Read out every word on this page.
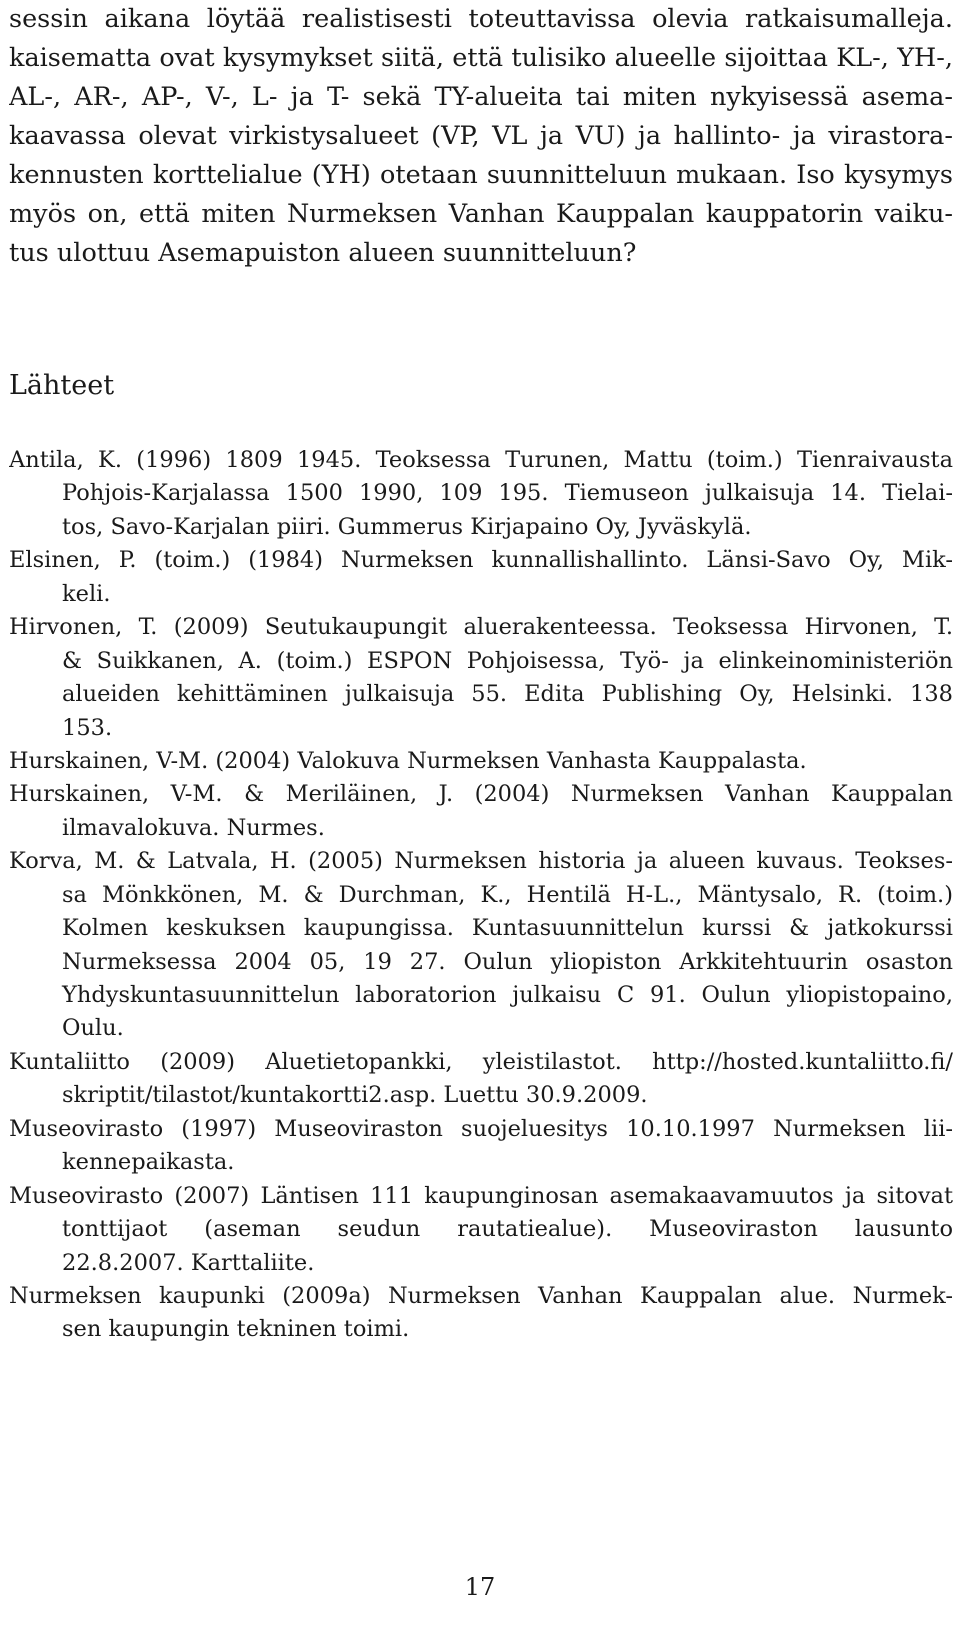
sessin aikana löytää realistisesti toteuttavissa olevia ratkaisumalleja.
kaisematta ovat kysymykset siitä, että tulisiko alueelle sijoittaa KL-, YH-,
AL-, AR-, AP-, V-, L- ja T- sekä TY-alueita tai miten nykyisessä asema-
kaavassa olevat virkistysalueet (VP, VL ja VU) ja hallinto- ja virastora-
kennusten korttelialue (YH) otetaan suunnitteluun mukaan. Iso kysymys
myös on, että miten Nurmeksen Vanhan Kauppalan kauppatorin vaiku-
tus ulottuu Asemapuiston alueen suunnitteluun?
Lähteet
Antila, K. (1996) 1809 1945. Teoksessa Turunen, Mattu (toim.) Tienraivausta
Pohjois-Karjalassa 1500 1990, 109 195. Tiemuseon julkaisuja 14. Tielai-
tos, Savo-Karjalan piiri. Gummerus Kirjapaino Oy, Jyväskylä.
Elsinen, P. (toim.) (1984) Nurmeksen kunnallishallinto. Länsi-Savo Oy, Mik-
keli.
Hirvonen, T. (2009) Seutukaupungit aluerakenteessa. Teoksessa Hirvonen, T.
& Suikkanen, A. (toim.) ESPON Pohjoisessa, Työ- ja elinkeinoministeriön
alueiden kehittäminen julkaisuja 55. Edita Publishing Oy, Helsinki. 138
153.
Hurskainen, V-M. (2004) Valokuva Nurmeksen Vanhasta Kauppalasta.
Hurskainen, V-M. & Meriläinen, J. (2004) Nurmeksen Vanhan Kauppalan
ilmavalokuva. Nurmes.
Korva, M. & Latvala, H. (2005) Nurmeksen historia ja alueen kuvaus. Teokses-
sa Mönkkönen, M. & Durchman, K., Hentilä H-L., Mäntysalo, R. (toim.)
Kolmen keskuksen kaupungissa. Kuntasuunnittelun kurssi & jatkokurssi
Nurmeksessa 2004 05, 19 27. Oulun yliopiston Arkkitehtuurin osaston
Yhdyskuntasuunnittelun laboratorion julkaisu C 91. Oulun yliopistopaino,
Oulu.
Kuntaliitto (2009) Aluetietopankki, yleistilastot. http://hosted.kuntaliitto.fi/
skriptit/tilastot/kuntakortti2.asp. Luettu 30.9.2009.
Museovirasto (1997) Museoviraston suojeluesitys 10.10.1997 Nurmeksen lii-
kennepaikasta.
Museovirasto (2007) Läntisen 111 kaupunginosan asemakaavamuutos ja sitovat
tonttijaot (aseman seudun rautatiealue). Museoviraston lausunto
22.8.2007. Karttaliite.
Nurmeksen kaupunki (2009a) Nurmeksen Vanhan Kauppalan alue. Nurmek-
sen kaupungin tekninen toimi.
17
